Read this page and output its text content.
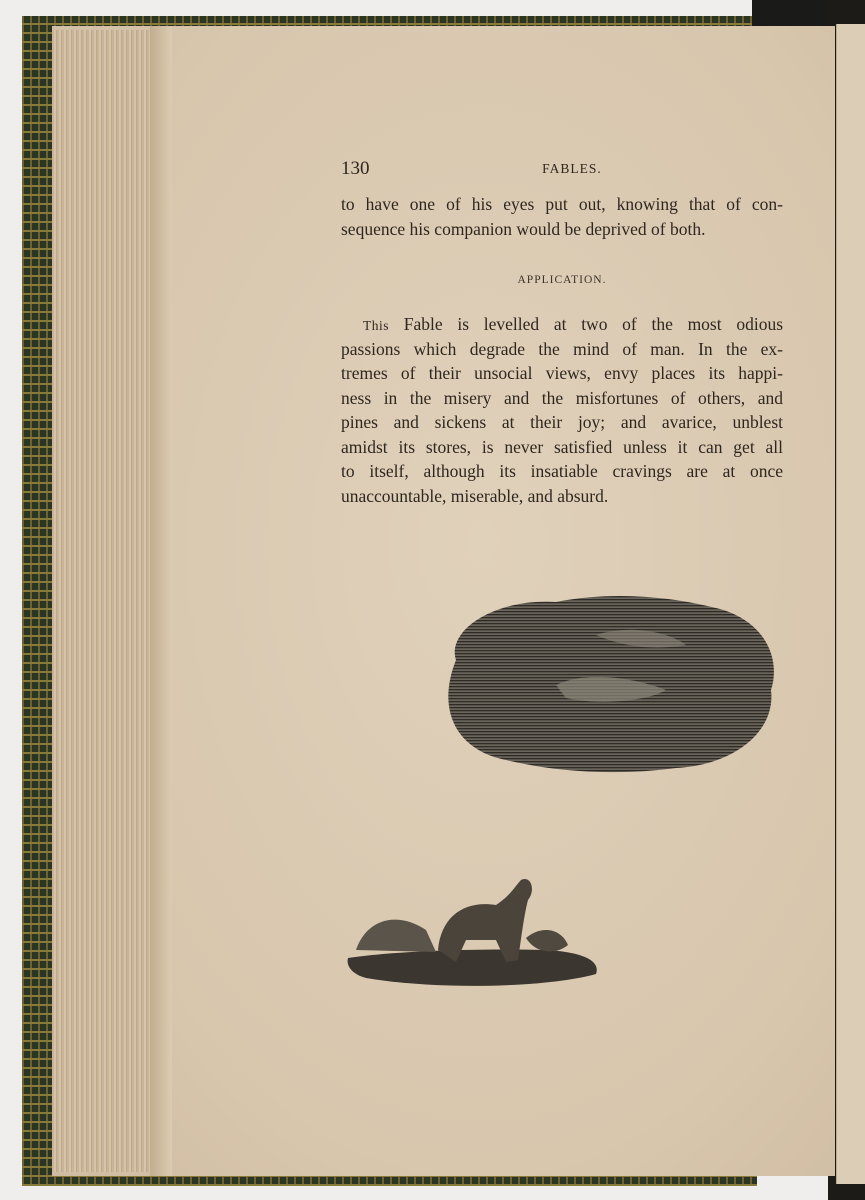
130	FABLES.
to have one of his eyes put out, knowing that of con-
sequence his companion would be deprived of both.
APPLICATION.
This Fable is levelled at two of the most odious
passions which degrade the mind of man. In the ex-
tremes of their unsocial views, envy places its happi-
ness in the misery and the misfortunes of others, and
pines and sickens at their joy; and avarice, unblest
amidst its stores, is never satisfied unless it can get all
to itself, although its insatiable cravings are at once
unaccountable, miserable, and absurd.
